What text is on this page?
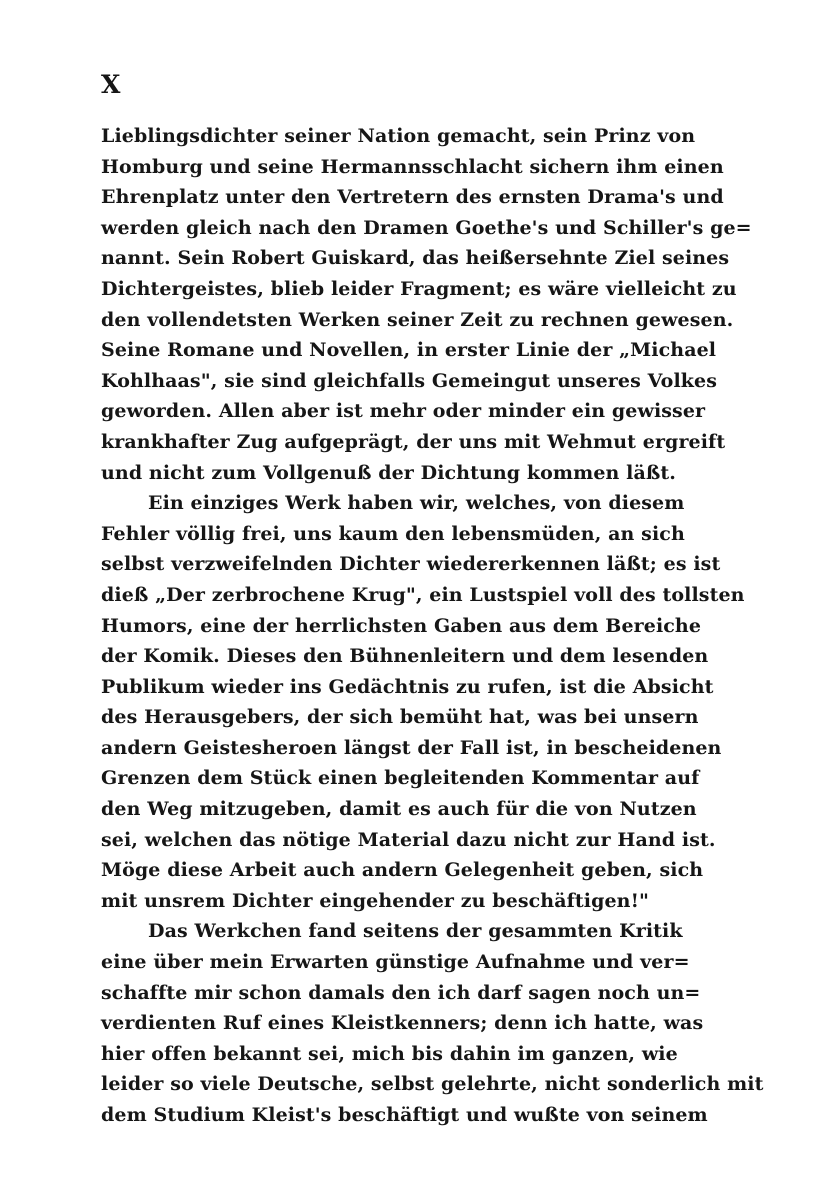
X
Lieblingsdichter seiner Nation gemacht, sein Prinz von
Homburg und seine Hermannsschlacht sichern ihm einen
Ehrenplatz unter den Vertretern des ernsten Drama's und
werden gleich nach den Dramen Goethe's und Schiller's ge=
nannt. Sein Robert Guiskard, das heißersehnte Ziel seines
Dichtergeistes, blieb leider Fragment; es wäre vielleicht zu
den vollendetsten Werken seiner Zeit zu rechnen gewesen.
Seine Romane und Novellen, in erster Linie der „Michael
Kohlhaas", sie sind gleichfalls Gemeingut unseres Volkes
geworden. Allen aber ist mehr oder minder ein gewisser
krankhafter Zug aufgeprägt, der uns mit Wehmut ergreift
und nicht zum Vollgenuß der Dichtung kommen läßt.
Ein einziges Werk haben wir, welches, von diesem
Fehler völlig frei, uns kaum den lebensmüden, an sich
selbst verzweifelnden Dichter wiedererkennen läßt; es ist
dieß „Der zerbrochene Krug", ein Lustspiel voll des tollsten
Humors, eine der herrlichsten Gaben aus dem Bereiche
der Komik. Dieses den Bühnenleitern und dem lesenden
Publikum wieder ins Gedächtnis zu rufen, ist die Absicht
des Herausgebers, der sich bemüht hat, was bei unsern
andern Geistesheroen längst der Fall ist, in bescheidenen
Grenzen dem Stück einen begleitenden Kommentar auf
den Weg mitzugeben, damit es auch für die von Nutzen
sei, welchen das nötige Material dazu nicht zur Hand ist.
Möge diese Arbeit auch andern Gelegenheit geben, sich
mit unsrem Dichter eingehender zu beschäftigen!"
Das Werkchen fand seitens der gesammten Kritik
eine über mein Erwarten günstige Aufnahme und ver=
schaffte mir schon damals den ich darf sagen noch un=
verdienten Ruf eines Kleistkenners; denn ich hatte, was
hier offen bekannt sei, mich bis dahin im ganzen, wie
leider so viele Deutsche, selbst gelehrte, nicht sonderlich mit
dem Studium Kleist's beschäftigt und wußte von seinem
